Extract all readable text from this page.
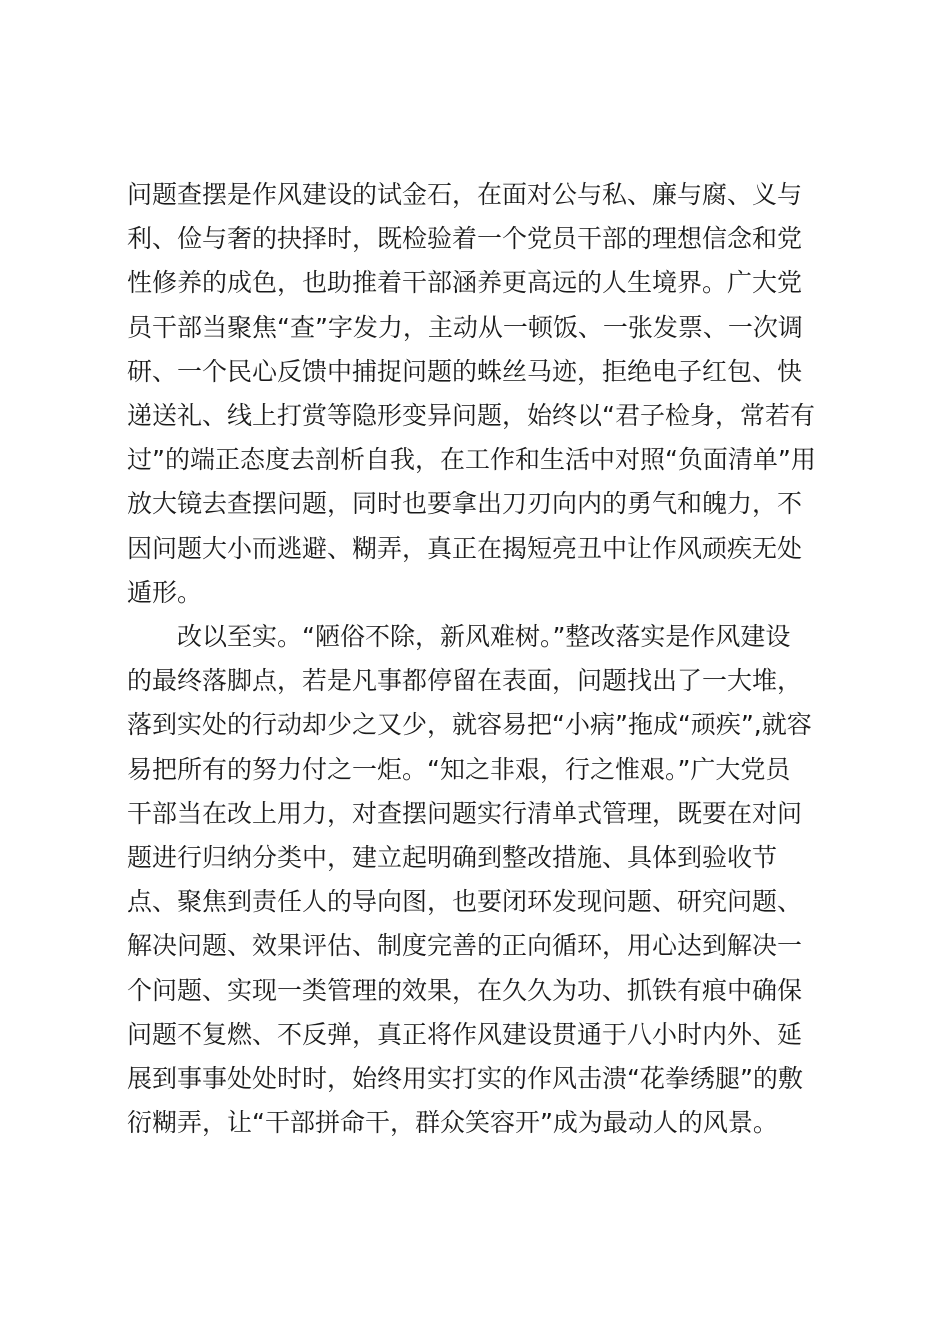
问题查摆是作风建设的试金石，在面对公与私、廉与腐、义与
利、俭与奢的抉择时，既检验着一个党员干部的理想信念和党
性修养的成色，也助推着干部涵养更高远的人生境界。广大党
员干部当聚焦“查”字发力，主动从一顿饭、一张发票、一次调
研、一个民心反馈中捕捉问题的蛛丝马迹，拒绝电子红包、快
递送礼、线上打赏等隐形变异问题，始终以“君子检身，常若有
过”的端正态度去剖析自我，在工作和生活中对照“负面清单”用
放大镜去查摆问题，同时也要拿出刀刃向内的勇气和魄力，不
因问题大小而逃避、糊弄，真正在揭短亮丑中让作风顽疾无处
遁形。
改以至实。“陋俗不除，新风难树。”整改落实是作风建设
的最终落脚点，若是凡事都停留在表面，问题找出了一大堆，
落到实处的行动却少之又少，就容易把“小病”拖成“顽疾”,就容
易把所有的努力付之一炬。“知之非艰，行之惟艰。”广大党员
干部当在改上用力，对查摆问题实行清单式管理，既要在对问
题进行归纳分类中，建立起明确到整改措施、具体到验收节
点、聚焦到责任人的导向图，也要闭环发现问题、研究问题、
解决问题、效果评估、制度完善的正向循环，用心达到解决一
个问题、实现一类管理的效果，在久久为功、抓铁有痕中确保
问题不复燃、不反弹，真正将作风建设贯通于八小时内外、延
展到事事处处时时，始终用实打实的作风击溃“花拳绣腿”的敷
衍糊弄，让“干部拼命干，群众笑容开”成为最动人的风景。
